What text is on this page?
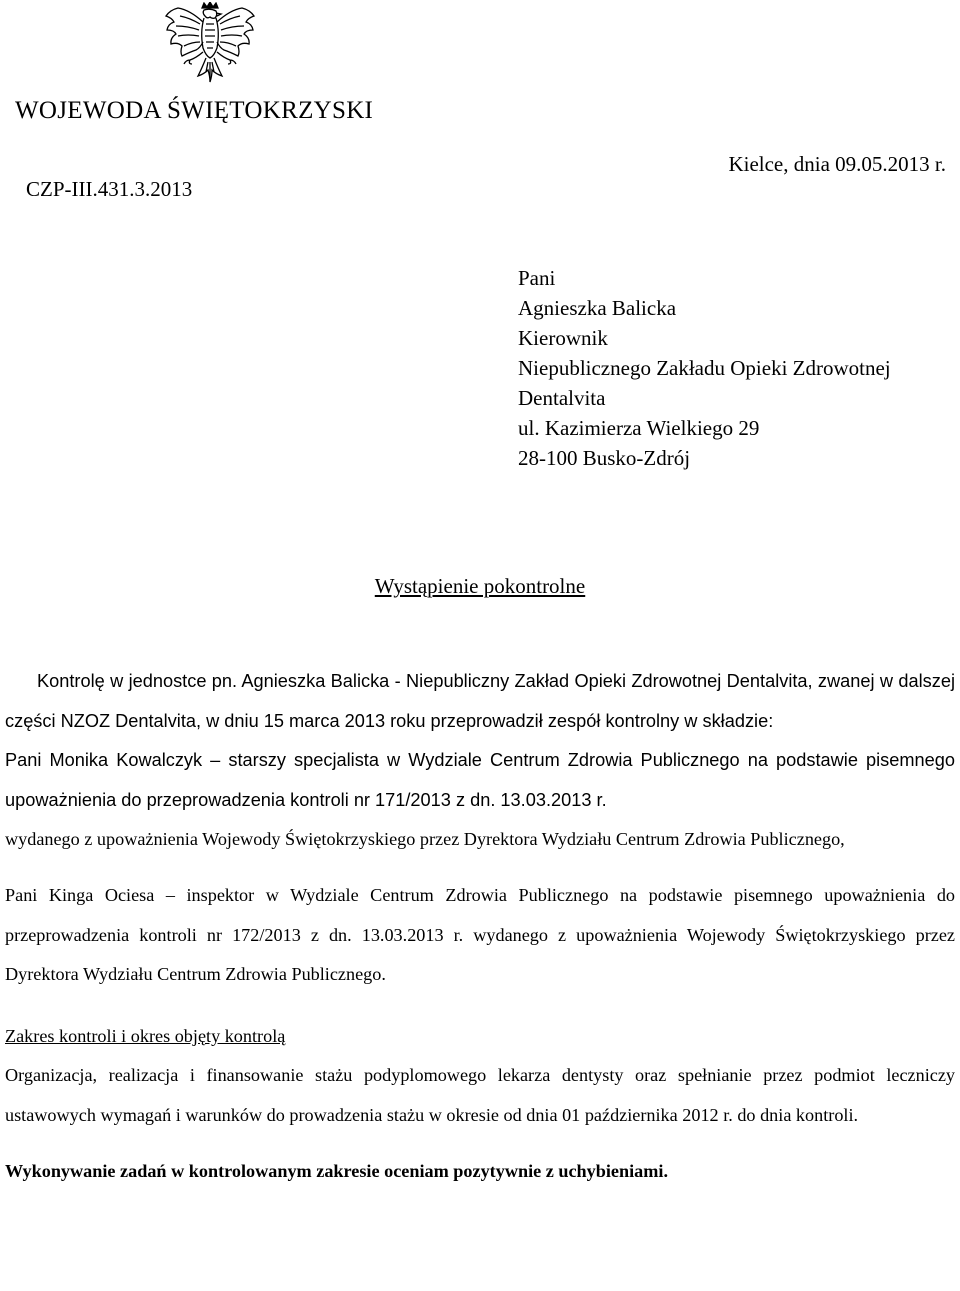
WOJEWODA ŚWIĘTOKRZYSKI
CZP-III.431.3.2013
Kielce, dnia 09.05.2013 r.
Pani
Agnieszka Balicka
Kierownik
Niepublicznego Zakładu Opieki Zdrowotnej
Dentalvita
ul. Kazimierza Wielkiego 29
28-100 Busko-Zdrój
Wystąpienie pokontrolne

Kontrolę w jednostce pn. Agnieszka Balicka - Niepubliczny Zakład Opieki Zdrowotnej Dentalvita, zwanej w dalszej części NZOZ Dentalvita, w dniu 15 marca 2013 roku przeprowadził zespół kontrolny w składzie:

Pani Monika Kowalczyk – starszy specjalista w Wydziale Centrum Zdrowia Publicznego na podstawie pisemnego upoważnienia do przeprowadzenia kontroli nr 171/2013 z dn. 13.03.2013 r.

wydanego z upoważnienia Wojewody Świętokrzyskiego przez Dyrektora Wydziału Centrum Zdrowia Publicznego,

Pani Kinga Ociesa – inspektor w Wydziale Centrum Zdrowia Publicznego na podstawie pisemnego upoważnienia do przeprowadzenia kontroli nr 172/2013 z dn. 13.03.2013 r. wydanego z upoważnienia Wojewody Świętokrzyskiego przez Dyrektora Wydziału Centrum Zdrowia Publicznego.

Zakres kontroli i okres objęty kontrolą

Organizacja, realizacja i finansowanie stażu podyplomowego lekarza dentysty oraz spełnianie przez podmiot leczniczy ustawowych wymagań i warunków do prowadzenia stażu w okresie od dnia 01 października 2012 r. do dnia kontroli.

Wykonywanie zadań w kontrolowanym zakresie oceniam pozytywnie z uchybieniami.
